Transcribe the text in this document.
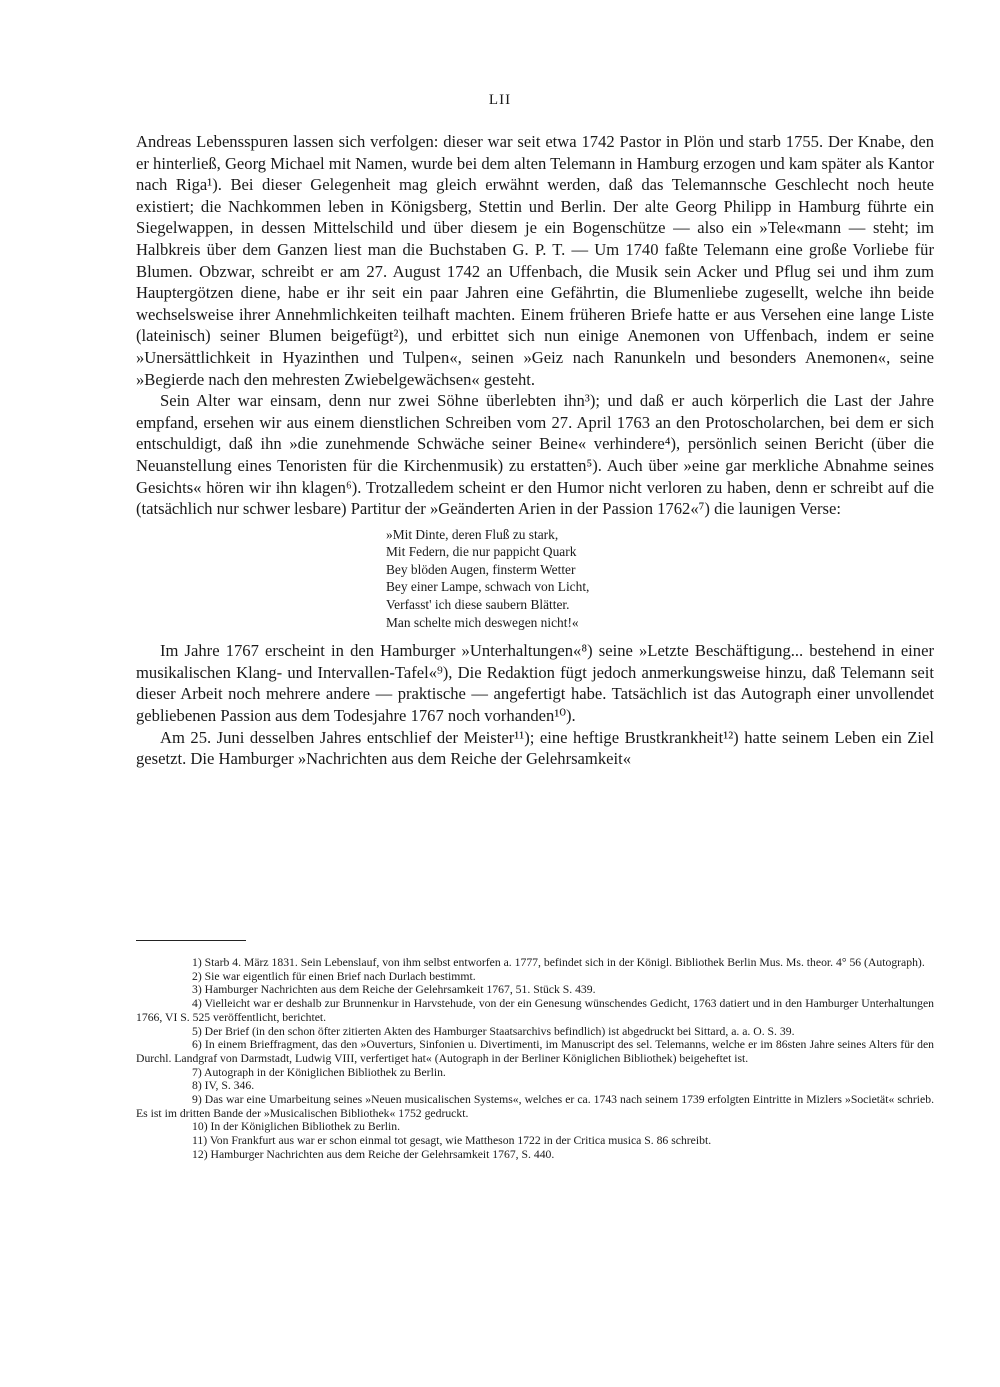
LII

Andreas Lebensspuren lassen sich verfolgen: dieser war seit etwa 1742 Pastor in Plön und starb 1755. Der Knabe, den er hinterließ, Georg Michael mit Namen, wurde bei dem alten Telemann in Hamburg erzogen und kam später als Kantor nach Riga¹). Bei dieser Gelegenheit mag gleich erwähnt werden, daß das Telemannsche Geschlecht noch heute existiert; die Nachkommen leben in Königsberg, Stettin und Berlin. Der alte Georg Philipp in Hamburg führte ein Siegelwappen, in dessen Mittelschild und über diesem je ein Bogenschütze — also ein »Tele«mann — steht; im Halbkreis über dem Ganzen liest man die Buchstaben G. P. T. — Um 1740 faßte Telemann eine große Vorliebe für Blumen. Obzwar, schreibt er am 27. August 1742 an Uffenbach, die Musik sein Acker und Pflug sei und ihm zum Hauptergötzen diene, habe er ihr seit ein paar Jahren eine Gefährtin, die Blumenliebe zugesellt, welche ihn beide wechselsweise ihrer Annehmlichkeiten teilhaft machten. Einem früheren Briefe hatte er aus Versehen eine lange Liste (lateinisch) seiner Blumen beigefügt²), und erbittet sich nun einige Anemonen von Uffenbach, indem er seine »Unersättlichkeit in Hyazinthen und Tulpen«, seinen »Geiz nach Ranunkeln und besonders Anemonen«, seine »Begierde nach den mehresten Zwiebelgewächsen« gesteht.

Sein Alter war einsam, denn nur zwei Söhne überlebten ihn³); und daß er auch körperlich die Last der Jahre empfand, ersehen wir aus einem dienstlichen Schreiben vom 27. April 1763 an den Protoscholarchen, bei dem er sich entschuldigt, daß ihn »die zunehmende Schwäche seiner Beine« verhindere⁴), persönlich seinen Bericht (über die Neuanstellung eines Tenoristen für die Kirchenmusik) zu erstatten⁵). Auch über »eine gar merkliche Abnahme seines Gesichts« hören wir ihn klagen⁶). Trotzalledem scheint er den Humor nicht verloren zu haben, denn er schreibt auf die (tatsächlich nur schwer lesbare) Partitur der »Geänderten Arien in der Passion 1762«⁷) die launigen Verse:

»Mit Dinte, deren Fluß zu stark,
Mit Federn, die nur pappicht Quark
Bey blöden Augen, finsterm Wetter
Bey einer Lampe, schwach von Licht,
Verfasst' ich diese saubern Blätter.
Man schelte mich deswegen nicht!«

Im Jahre 1767 erscheint in den Hamburger »Unterhaltungen«⁸) seine »Letzte Beschäftigung... bestehend in einer musikalischen Klang- und Intervallen-Tafel«⁹), Die Redaktion fügt jedoch anmerkungsweise hinzu, daß Telemann seit dieser Arbeit noch mehrere andere — praktische — angefertigt habe. Tatsächlich ist das Autograph einer unvollendet gebliebenen Passion aus dem Todesjahre 1767 noch vorhanden¹⁰).

Am 25. Juni desselben Jahres entschlief der Meister¹¹); eine heftige Brustkrankheit¹²) hatte seinem Leben ein Ziel gesetzt. Die Hamburger »Nachrichten aus dem Reiche der Gelehrsamkeit«

1) Starb 4. März 1831. Sein Lebenslauf, von ihm selbst entworfen a. 1777, befindet sich in der Königl. Bibliothek Berlin Mus. Ms. theor. 4° 56 (Autograph).

2) Sie war eigentlich für einen Brief nach Durlach bestimmt.

3) Hamburger Nachrichten aus dem Reiche der Gelehrsamkeit 1767, 51. Stück S. 439.

4) Vielleicht war er deshalb zur Brunnenkur in Harvstehude, von der ein Genesung wünschendes Gedicht, 1763 datiert und in den Hamburger Unterhaltungen 1766, VI S. 525 veröffentlicht, berichtet.

5) Der Brief (in den schon öfter zitierten Akten des Hamburger Staatsarchivs befindlich) ist abgedruckt bei Sittard, a. a. O. S. 39.

6) In einem Brieffragment, das den »Ouverturs, Sinfonien u. Divertimenti, im Manuscript des sel. Telemanns, welche er im 86sten Jahre seines Alters für den Durchl. Landgraf von Darmstadt, Ludwig VIII, verfertiget hat« (Autograph in der Berliner Königlichen Bibliothek) beigeheftet ist.

7) Autograph in der Königlichen Bibliothek zu Berlin.

8) IV, S. 346.

9) Das war eine Umarbeitung seines »Neuen musicalischen Systems«, welches er ca. 1743 nach seinem 1739 erfolgten Eintritte in Mizlers »Societät« schrieb. Es ist im dritten Bande der »Musicalischen Bibliothek« 1752 gedruckt.

10) In der Königlichen Bibliothek zu Berlin.

11) Von Frankfurt aus war er schon einmal tot gesagt, wie Mattheson 1722 in der Critica musica S. 86 schreibt.

12) Hamburger Nachrichten aus dem Reiche der Gelehrsamkeit 1767, S. 440.
